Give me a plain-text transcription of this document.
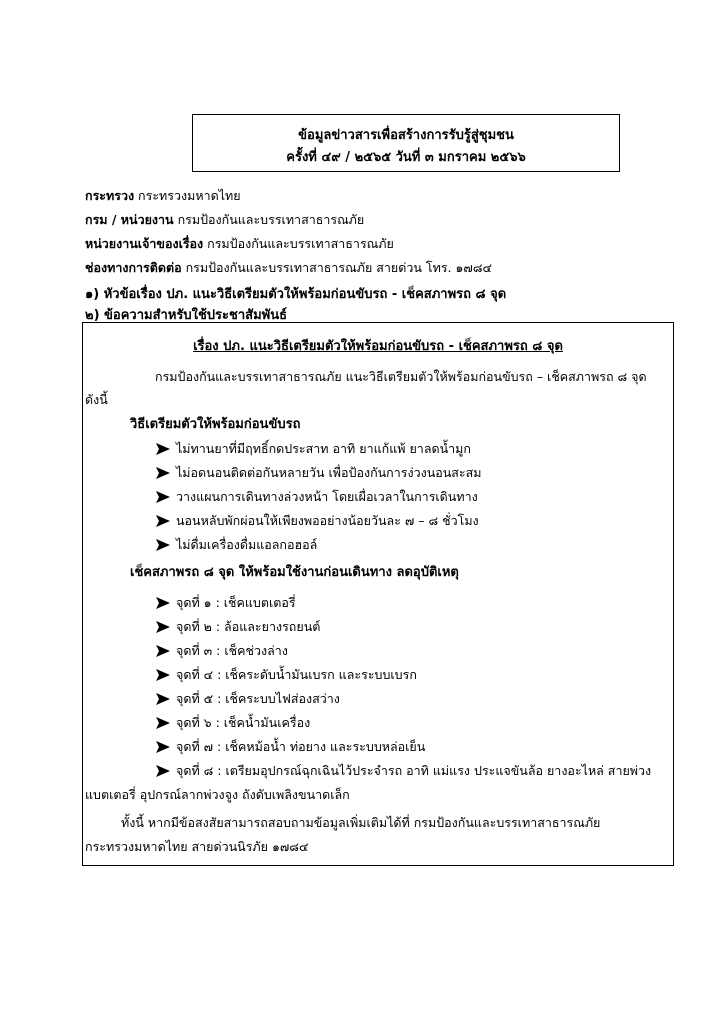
ข้อมูลข่าวสารเพื่อสร้างการรับรู้สู่ชุมชน
ครั้งที่ ๔๙ / ๒๕๖๕ วันที่ ๓ มกราคม ๒๕๖๖
กระทรวง กระทรวงมหาดไทย
กรม / หน่วยงาน กรมป้องกันและบรรเทาสาธารณภัย
หน่วยงานเจ้าของเรื่อง กรมป้องกันและบรรเทาสาธารณภัย
ช่องทางการติดต่อ กรมป้องกันและบรรเทาสาธารณภัย สายด่วน โทร. ๑๗๘๔
๑) หัวข้อเรื่อง ปภ. แนะวิธีเตรียมตัวให้พร้อมก่อนขับรถ - เช็คสภาพรถ ๘ จุด
๒) ข้อความสำหรับใช้ประชาสัมพันธ์
เรื่อง ปภ. แนะวิธีเตรียมตัวให้พร้อมก่อนขับรถ - เช็คสภาพรถ ๘ จุด
กรมป้องกันและบรรเทาสาธารณภัย แนะวิธีเตรียมตัวให้พร้อมก่อนขับรถ – เช็คสภาพรถ ๘ จุด
ดังนี้
วิธีเตรียมตัวให้พร้อมก่อนขับรถ
ไม่ทานยาที่มีฤทธิ์กดประสาท อาทิ ยาแก้แพ้ ยาลดน้ำมูก
ไม่อดนอนติดต่อกันหลายวัน เพื่อป้องกันการง่วงนอนสะสม
วางแผนการเดินทางล่วงหน้า โดยเผื่อเวลาในการเดินทาง
นอนหลับพักผ่อนให้เพียงพออย่างน้อยวันละ ๗ – ๘ ชั่วโมง
ไม่ดื่มเครื่องดื่มแอลกอฮอล์
เช็คสภาพรถ ๘ จุด ให้พร้อมใช้งานก่อนเดินทาง ลดอุบัติเหตุ
จุดที่ ๑ : เช็คแบตเตอรี่
จุดที่ ๒ : ล้อและยางรถยนต์
จุดที่ ๓ : เช็คช่วงล่าง
จุดที่ ๔ : เช็คระดับน้ำมันเบรก และระบบเบรก
จุดที่ ๕ : เช็คระบบไฟส่องสว่าง
จุดที่ ๖ : เช็คน้ำมันเครื่อง
จุดที่ ๗ : เช็คหม้อน้ำ ท่อยาง และระบบหล่อเย็น
จุดที่ ๘ : เตรียมอุปกรณ์ฉุกเฉินไว้ประจำรถ อาทิ แม่แรง ประแจขันล้อ ยางอะไหล่ สายพ่วง
แบตเตอรี่ อุปกรณ์ลากพ่วงจูง ถังดับเพลิงขนาดเล็ก
ทั้งนี้ หากมีข้อสงสัยสามารถสอบถามข้อมูลเพิ่มเติมได้ที่ กรมป้องกันและบรรเทาสาธารณภัย
กระทรวงมหาดไทย สายด่วนนิรภัย ๑๗๘๔
